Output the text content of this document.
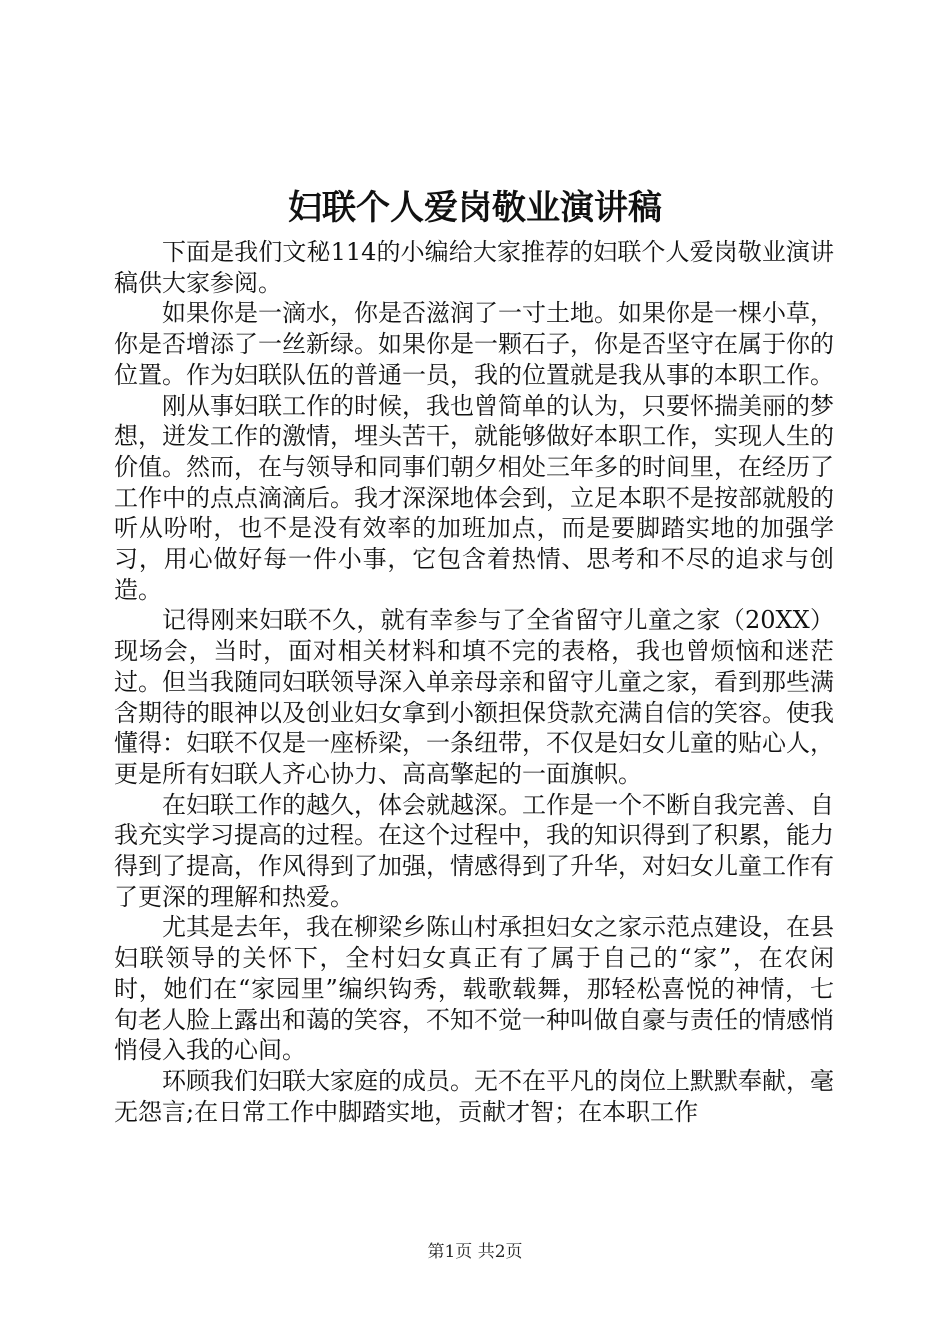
妇联个人爱岗敬业演讲稿

下面是我们文秘114的小编给大家推荐的妇联个人爱岗敬业演讲稿供大家参阅。

如果你是一滴水，你是否滋润了一寸土地。如果你是一棵小草，你是否增添了一丝新绿。如果你是一颗石子，你是否坚守在属于你的位置。作为妇联队伍的普通一员，我的位置就是我从事的本职工作。

刚从事妇联工作的时候，我也曾简单的认为，只要怀揣美丽的梦想，迸发工作的激情，埋头苦干，就能够做好本职工作，实现人生的价值。然而，在与领导和同事们朝夕相处三年多的时间里，在经历了工作中的点点滴滴后。我才深深地体会到，立足本职不是按部就般的听从吩咐，也不是没有效率的加班加点，而是要脚踏实地的加强学习，用心做好每一件小事，它包含着热情、思考和不尽的追求与创造。

记得刚来妇联不久，就有幸参与了全省留守儿童之家（20XX）现场会，当时，面对相关材料和填不完的表格，我也曾烦恼和迷茫过。但当我随同妇联领导深入单亲母亲和留守儿童之家，看到那些满含期待的眼神以及创业妇女拿到小额担保贷款充满自信的笑容。使我懂得：妇联不仅是一座桥梁，一条纽带，不仅是妇女儿童的贴心人，更是所有妇联人齐心协力、高高擎起的一面旗帜。

在妇联工作的越久，体会就越深。工作是一个不断自我完善、自我充实学习提高的过程。在这个过程中，我的知识得到了积累，能力得到了提高，作风得到了加强，情感得到了升华，对妇女儿童工作有了更深的理解和热爱。

尤其是去年，我在柳梁乡陈山村承担妇女之家示范点建设，在县妇联领导的关怀下，全村妇女真正有了属于自己的“家”，在农闲时，她们在“家园里”编织钩秀，载歌载舞，那轻松喜悦的神情，七旬老人脸上露出和蔼的笑容，不知不觉一种叫做自豪与责任的情感悄悄侵入我的心间。

环顾我们妇联大家庭的成员。无不在平凡的岗位上默默奉献，毫无怨言;在日常工作中脚踏实地，贡献才智；在本职工作

第1页 共2页
